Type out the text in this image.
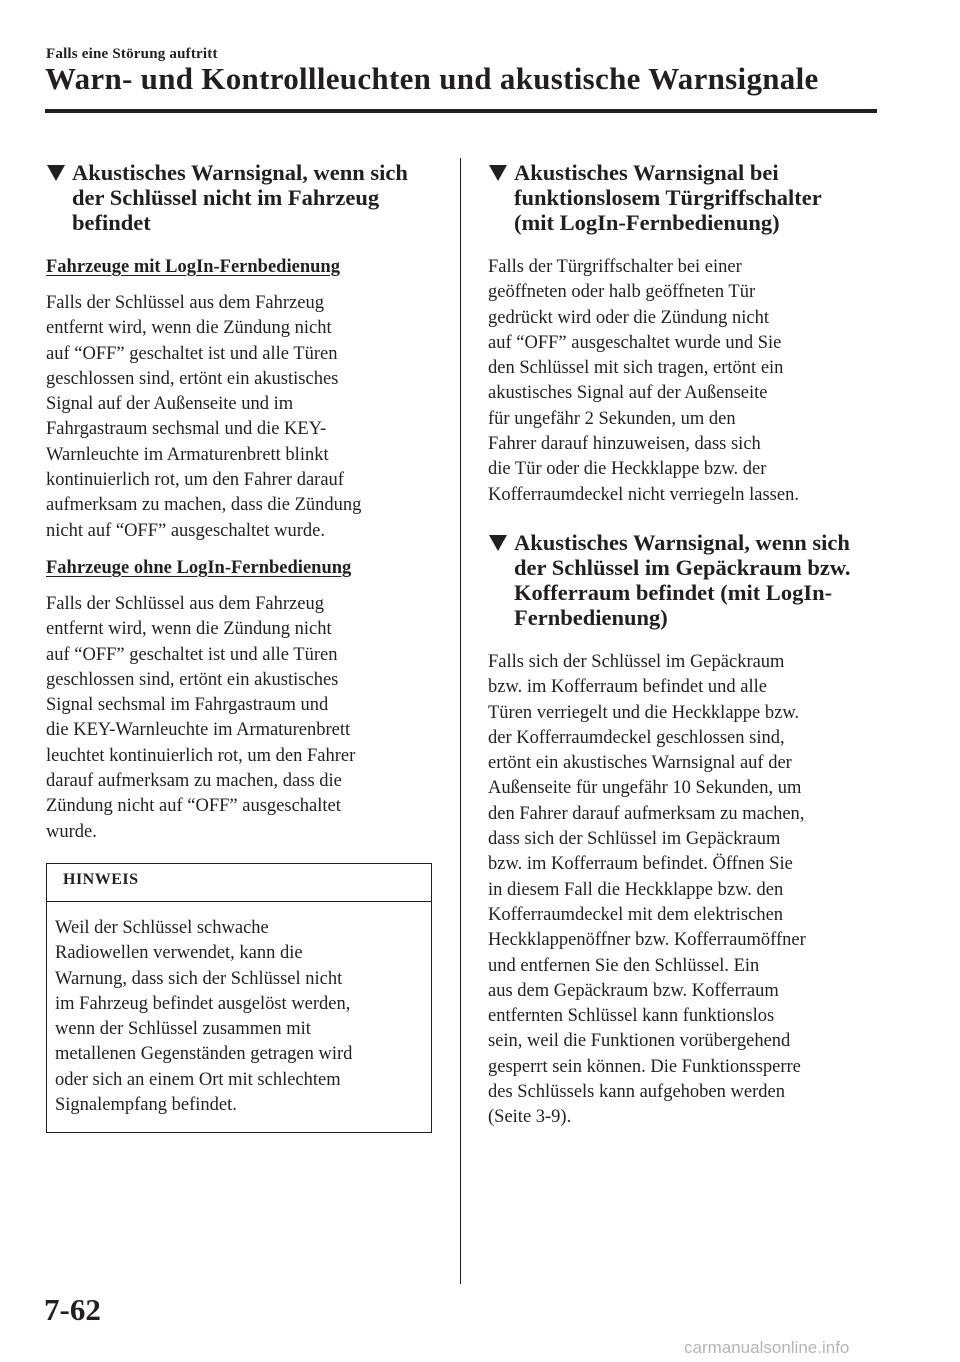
Falls eine Störung auftritt
Warn- und Kontrollleuchten und akustische Warnsignale
Akustisches Warnsignal, wenn sich
der Schlüssel nicht im Fahrzeug
befindet
Fahrzeuge mit LogIn-Fernbedienung
Falls der Schlüssel aus dem Fahrzeug
entfernt wird, wenn die Zündung nicht
auf “OFF” geschaltet ist und alle Türen
geschlossen sind, ertönt ein akustisches
Signal auf der Außenseite und im
Fahrgastraum sechsmal und die KEY-
Warnleuchte im Armaturenbrett blinkt
kontinuierlich rot, um den Fahrer darauf
aufmerksam zu machen, dass die Zündung
nicht auf “OFF” ausgeschaltet wurde.
Fahrzeuge ohne LogIn-Fernbedienung
Falls der Schlüssel aus dem Fahrzeug
entfernt wird, wenn die Zündung nicht
auf “OFF” geschaltet ist und alle Türen
geschlossen sind, ertönt ein akustisches
Signal sechsmal im Fahrgastraum und
die KEY-Warnleuchte im Armaturenbrett
leuchtet kontinuierlich rot, um den Fahrer
darauf aufmerksam zu machen, dass die
Zündung nicht auf “OFF” ausgeschaltet
wurde.
HINWEIS
Weil der Schlüssel schwache
Radiowellen verwendet, kann die
Warnung, dass sich der Schlüssel nicht
im Fahrzeug befindet ausgelöst werden,
wenn der Schlüssel zusammen mit
metallenen Gegenständen getragen wird
oder sich an einem Ort mit schlechtem
Signalempfang befindet.
Akustisches Warnsignal bei
funktionslosem Türgriffschalter
(mit LogIn-Fernbedienung)
Falls der Türgriffschalter bei einer
geöffneten oder halb geöffneten Tür
gedrückt wird oder die Zündung nicht
auf “OFF” ausgeschaltet wurde und Sie
den Schlüssel mit sich tragen, ertönt ein
akustisches Signal auf der Außenseite
für ungefähr 2 Sekunden, um den
Fahrer darauf hinzuweisen, dass sich
die Tür oder die Heckklappe bzw. der
Kofferraumdeckel nicht verriegeln lassen.
Akustisches Warnsignal, wenn sich
der Schlüssel im Gepäckraum bzw.
Kofferraum befindet (mit LogIn-
Fernbedienung)
Falls sich der Schlüssel im Gepäckraum
bzw. im Kofferraum befindet und alle
Türen verriegelt und die Heckklappe bzw.
der Kofferraumdeckel geschlossen sind,
ertönt ein akustisches Warnsignal auf der
Außenseite für ungefähr 10 Sekunden, um
den Fahrer darauf aufmerksam zu machen,
dass sich der Schlüssel im Gepäckraum
bzw. im Kofferraum befindet. Öffnen Sie
in diesem Fall die Heckklappe bzw. den
Kofferraumdeckel mit dem elektrischen
Heckklappenöffner bzw. Kofferraumöffner
und entfernen Sie den Schlüssel. Ein
aus dem Gepäckraum bzw. Kofferraum
entfernten Schlüssel kann funktionslos
sein, weil die Funktionen vorübergehend
gesperrt sein können. Die Funktionssperre
des Schlüssels kann aufgehoben werden
(Seite 3-9).
7-62
carmanualsonline.info
